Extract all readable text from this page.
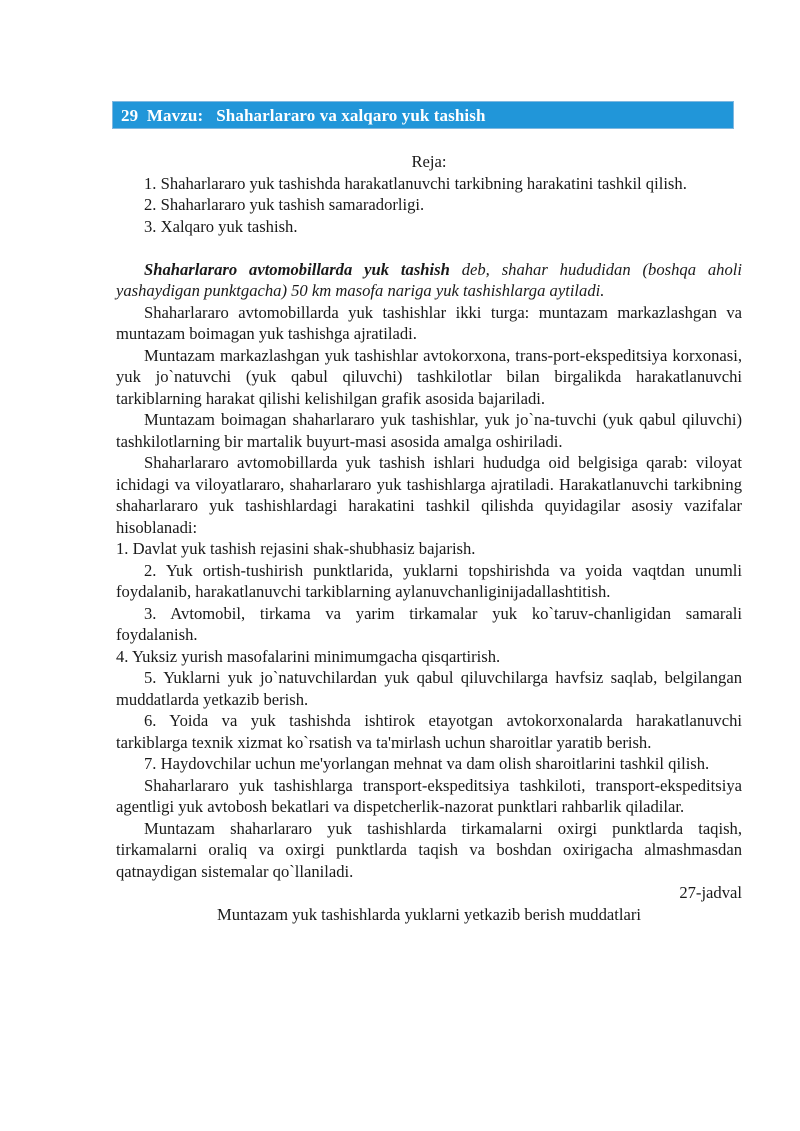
29  Mavzu:   Shaharlararo va xalqaro yuk tashish

Reja:

1. Shaharlararo yuk tashishda harakatlanuvchi tarkibning harakatini tashkil qilish.

2. Shaharlararo yuk tashish samaradorligi.

3. Xalqaro yuk tashish.

Shaharlararo avtomobillarda yuk tashish deb, shahar hududidan (boshqa aholi yashaydigan punktgacha) 50 km masofa nariga yuk tashishlarga aytiladi.

Shaharlararo avtomobillarda yuk tashishlar ikki turga: muntazam markazlashgan va muntazam boimagan yuk tashishga ajratiladi.

Muntazam markazlashgan yuk tashishlar avtokorxona, trans-port-ekspeditsiya korxonasi, yuk jo`natuvchi (yuk qabul qiluvchi) tashkilotlar bilan birgalikda harakatlanuvchi tarkiblarning harakat qilishi kelishilgan grafik asosida bajariladi.

Muntazam boimagan shaharlararo yuk tashishlar, yuk jo`na-tuvchi (yuk qabul qiluvchi) tashkilotlarning bir martalik buyurt-masi asosida amalga oshiriladi.

Shaharlararo avtomobillarda yuk tashish ishlari hududga oid belgisiga qarab: viloyat ichidagi va viloyatlararo, shaharlararo yuk tashishlarga ajratiladi. Harakatlanuvchi tarkibning shaharlararo yuk tashishlardagi harakatini tashkil qilishda quyidagilar asosiy vazifalar hisoblanadi:

1. Davlat yuk tashish rejasini shak-shubhasiz bajarish.

2. Yuk ortish-tushirish punktlarida, yuklarni topshirishda va yoida vaqtdan unumli foydalanib, harakatlanuvchi tarkiblarning aylanuvchanliginijadallashtitish.

3. Avtomobil, tirkama va yarim tirkamalar yuk ko`taruv-chanligidan samarali foydalanish.

4. Yuksiz yurish masofalarini minimumgacha qisqartirish.

5. Yuklarni yuk jo`natuvchilardan yuk qabul qiluvchilarga havfsiz saqlab, belgilangan muddatlarda yetkazib berish.

6. Yoida va yuk tashishda ishtirok etayotgan avtokorxonalarda harakatlanuvchi tarkiblarga texnik xizmat ko`rsatish va ta'mirlash uchun sharoitlar yaratib berish.

7. Haydovchilar uchun me'yorlangan mehnat va dam olish sharoitlarini tashkil qilish.

Shaharlararo yuk tashishlarga transport-ekspeditsiya tashkiloti, transport-ekspeditsiya agentligi yuk avtobosh bekatlari va dispetcherlik-nazorat punktlari rahbarlik qiladilar.

Muntazam shaharlararo yuk tashishlarda tirkamalarni oxirgi punktlarda taqish, tirkamalarni oraliq va oxirgi punktlarda taqish va boshdan oxirigacha almashmasdan qatnaydigan sistemalar qo`llaniladi.

27-jadval

Muntazam yuk tashishlarda yuklarni yetkazib berish muddatlari
